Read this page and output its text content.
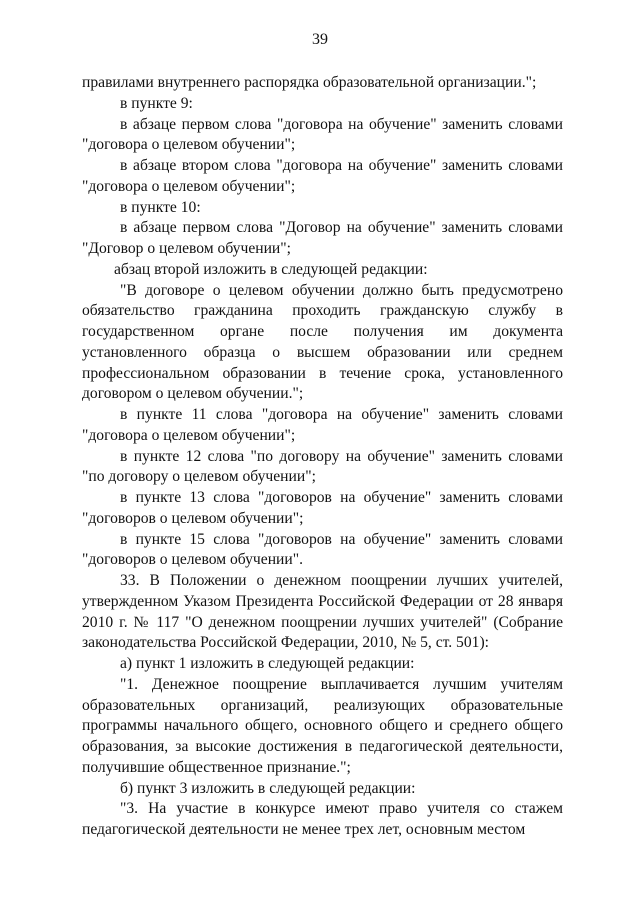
39

правилами внутреннего распорядка образовательной организации.";

в пункте 9:

в абзаце первом слова "договора на обучение" заменить словами "договора о целевом обучении";

в абзаце втором слова "договора на обучение" заменить словами "договора о целевом обучении";

в пункте 10:

в абзаце первом слова "Договор на обучение" заменить словами "Договор о целевом обучении";

абзац второй изложить в следующей редакции:

"В договоре о целевом обучении должно быть предусмотрено обязательство гражданина проходить гражданскую службу в государственном органе после получения им документа установленного образца о высшем образовании или среднем профессиональном образовании в течение срока, установленного договором о целевом обучении.";

в пункте 11 слова "договора на обучение" заменить словами "договора о целевом обучении";

в пункте 12 слова "по договору на обучение" заменить словами "по договору о целевом обучении";

в пункте 13 слова "договоров на обучение" заменить словами "договоров о целевом обучении";

в пункте 15 слова "договоров на обучение" заменить словами "договоров о целевом обучении".

33. В Положении о денежном поощрении лучших учителей, утвержденном Указом Президента Российской Федерации от 28 января 2010 г. № 117 "О денежном поощрении лучших учителей" (Собрание законодательства Российской Федерации, 2010, № 5, ст. 501):

а) пункт 1 изложить в следующей редакции:

"1. Денежное поощрение выплачивается лучшим учителям образовательных организаций, реализующих образовательные программы начального общего, основного общего и среднего общего образования, за высокие достижения в педагогической деятельности, получившие общественное признание.";

б) пункт 3 изложить в следующей редакции:

"3. На участие в конкурсе имеют право учителя со стажем педагогической деятельности не менее трех лет, основным местом
